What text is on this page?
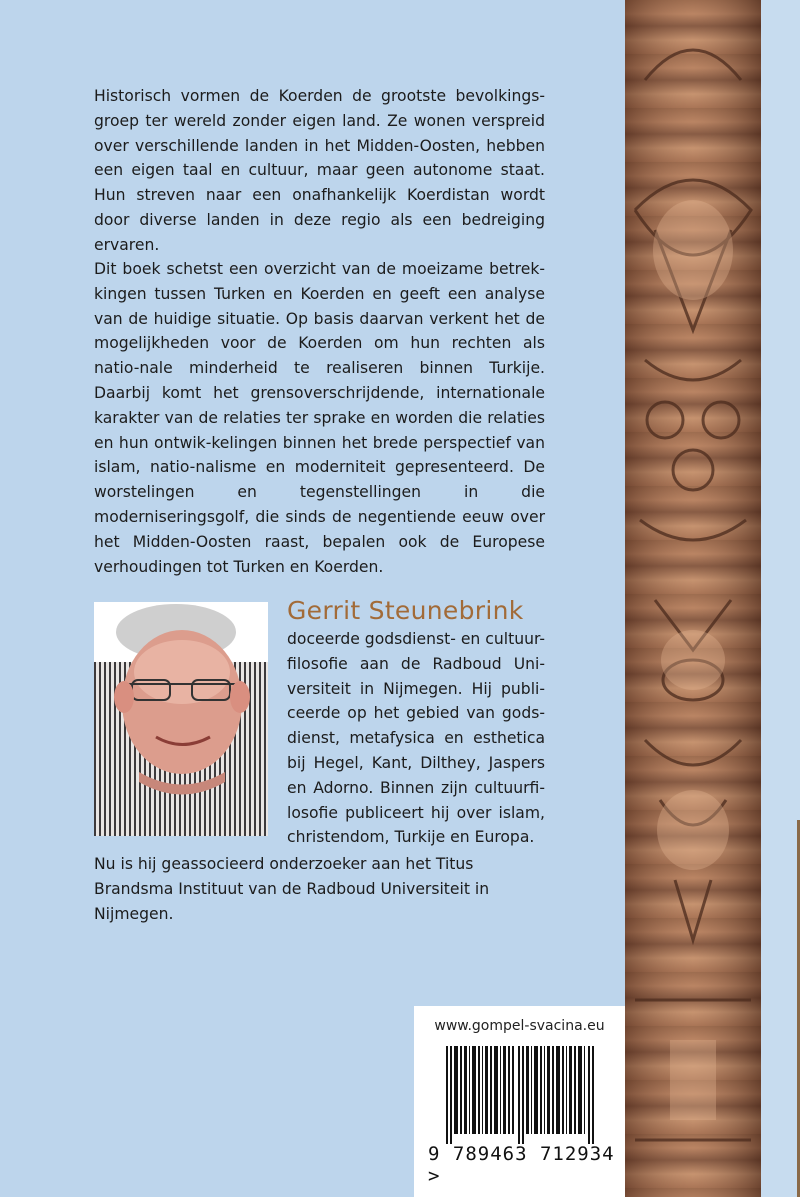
Historisch vormen de Koerden de grootste bevolkings-groep ter wereld zonder eigen land. Ze wonen verspreid over verschillende landen in het Midden-Oosten, hebben een eigen taal en cultuur, maar geen autonome staat. Hun streven naar een onafhankelijk Koerdistan wordt door diverse landen in deze regio als een bedreiging ervaren.

Dit boek schetst een overzicht van de moeizame betrek-kingen tussen Turken en Koerden en geeft een analyse van de huidige situatie. Op basis daarvan verkent het de mogelijkheden voor de Koerden om hun rechten als natio-nale minderheid te realiseren binnen Turkije. Daarbij komt het grensoverschrijdende, internationale karakter van de relaties ter sprake en worden die relaties en hun ontwik-kelingen binnen het brede perspectief van islam, natio-nalisme en moderniteit gepresenteerd. De worstelingen en tegenstellingen in die moderniseringsgolf, die sinds de negentiende eeuw over het Midden-Oosten raast, bepalen ook de Europese verhoudingen tot Turken en Koerden.

Gerrit Steunebrink

doceerde godsdienst- en cultuur-filosofie aan de Radboud Uni-versiteit in Nijmegen. Hij publi-ceerde op het gebied van gods-dienst, metafysica en esthetica bij Hegel, Kant, Dilthey, Jaspers en Adorno. Binnen zijn cultuurfi-losofie publiceert hij over islam, christendom, Turkije en Europa.

Nu is hij geassocieerd onderzoeker aan het Titus Brandsma Instituut van de Radboud Universiteit in Nijmegen.

www.gompel-svacina.eu
9 789463 712934 >
